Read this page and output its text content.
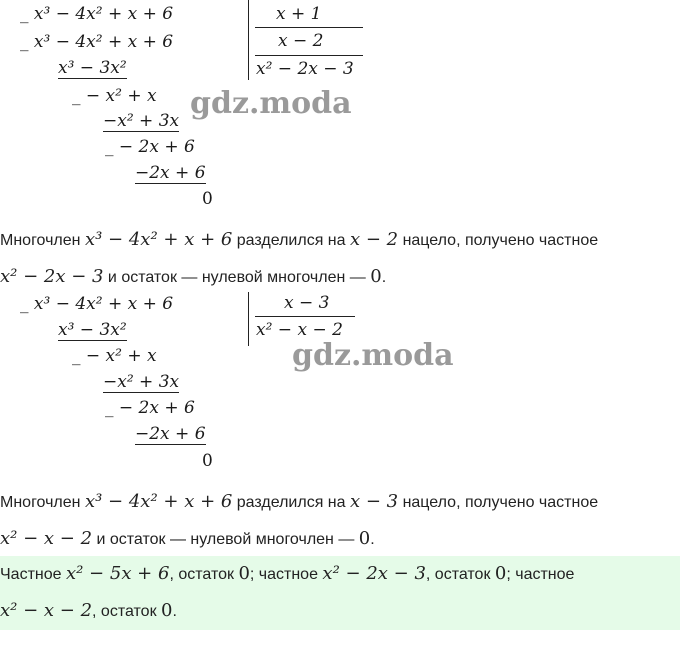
_ x³ − 4x² + x + 6
_ x³ − 4x² + x + 6
x³ − 3x²
_ − x² + x
−x² + 3x
_ − 2x + 6
−2x + 6
0
x + 1
x − 2
x² − 2x − 3
gdz.moda
Многочлен x³ − 4x² + x + 6 разделился на x − 2 нацело, получено частное
x² − 2x − 3 и остаток — нулевой многочлен — 0.
_ x³ − 4x² + x + 6
x³ − 3x²
_ − x² + x
−x² + 3x
_ − 2x + 6
−2x + 6
0
x − 3
x² − x − 2
gdz.moda
Многочлен x³ − 4x² + x + 6 разделился на x − 3 нацело, получено частное
x² − x − 2 и остаток — нулевой многочлен — 0.
Частное x² − 5x + 6, остаток 0; частное x² − 2x − 3, остаток 0; частное
x² − x − 2, остаток 0.
